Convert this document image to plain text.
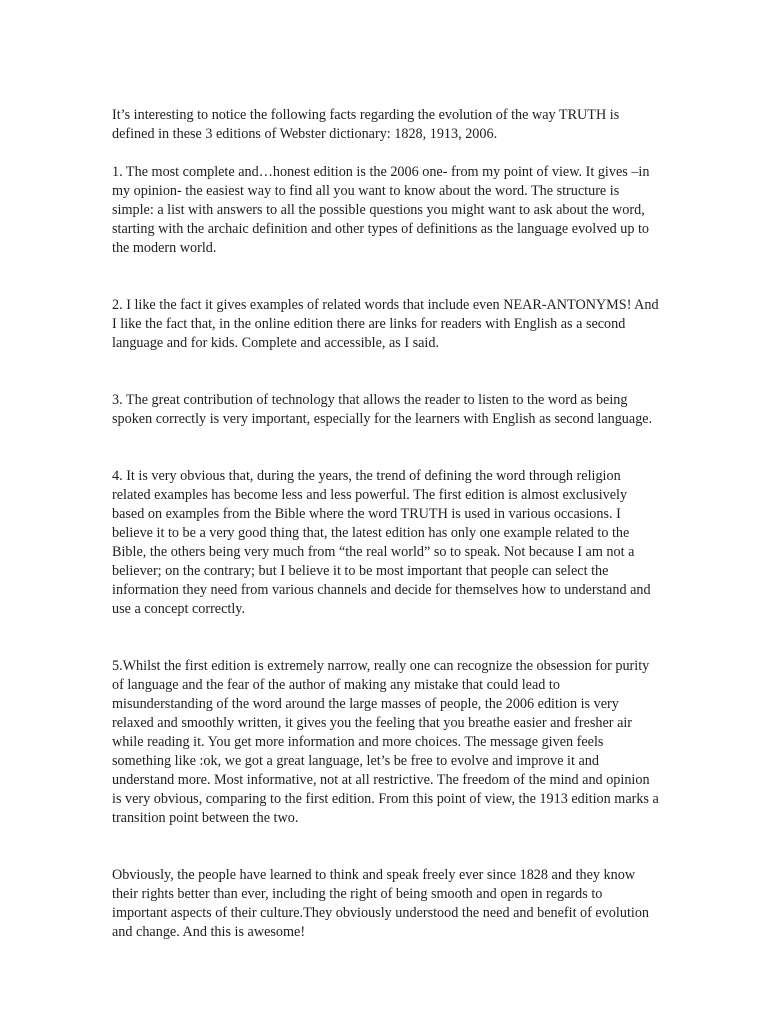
It’s interesting to notice the following facts regarding the evolution of the way TRUTH is defined in these 3 editions of Webster dictionary: 1828, 1913, 2006.

1. The most complete and…honest edition is the 2006 one- from my point of view. It gives –in my opinion- the easiest way to find all you want to know about the word. The structure is simple: a list with answers to all the possible questions you might want to ask about the word, starting with the archaic definition and other types of definitions as the language evolved up to the modern world.

2. I like the fact it gives examples of related words that include even NEAR-ANTONYMS! And I like the fact that, in the online edition there are links for readers with English as a second language and for kids. Complete and accessible, as I said.

3. The great contribution of technology that allows the reader to listen to the word as being spoken correctly is very important, especially for the learners with English as second language.

4. It is very obvious that, during the years, the trend of defining the word through religion related examples has become less and less powerful. The first edition is almost exclusively based on examples from the Bible where the word TRUTH is used in various occasions. I believe it to be a very good thing that, the latest edition has only one example related to the Bible, the others being very much from “the real world” so to speak. Not because I am not a believer; on the contrary; but I believe it to be most important that people can select the information they need from various channels and decide for themselves how to understand and use a concept correctly.

5.Whilst the first edition is extremely narrow, really one can recognize the obsession for purity of language and the fear of the author of making any mistake that could lead to misunderstanding of the word around the large masses of people, the 2006 edition is very relaxed and smoothly written, it gives you the feeling that you breathe easier and fresher air while reading it. You get more information and more choices. The message given feels something like :ok, we got a great language, let’s be free to evolve and improve it and understand more. Most informative, not at all restrictive. The freedom of the mind and opinion is very obvious, comparing to the first edition. From this point of view, the 1913 edition marks a transition point between the two.

Obviously, the people have learned to think and speak freely ever since 1828 and they know their rights better than ever, including the right of being smooth and open in regards to important aspects of their culture.They obviously understood the need and benefit of evolution and change. And this is awesome!
